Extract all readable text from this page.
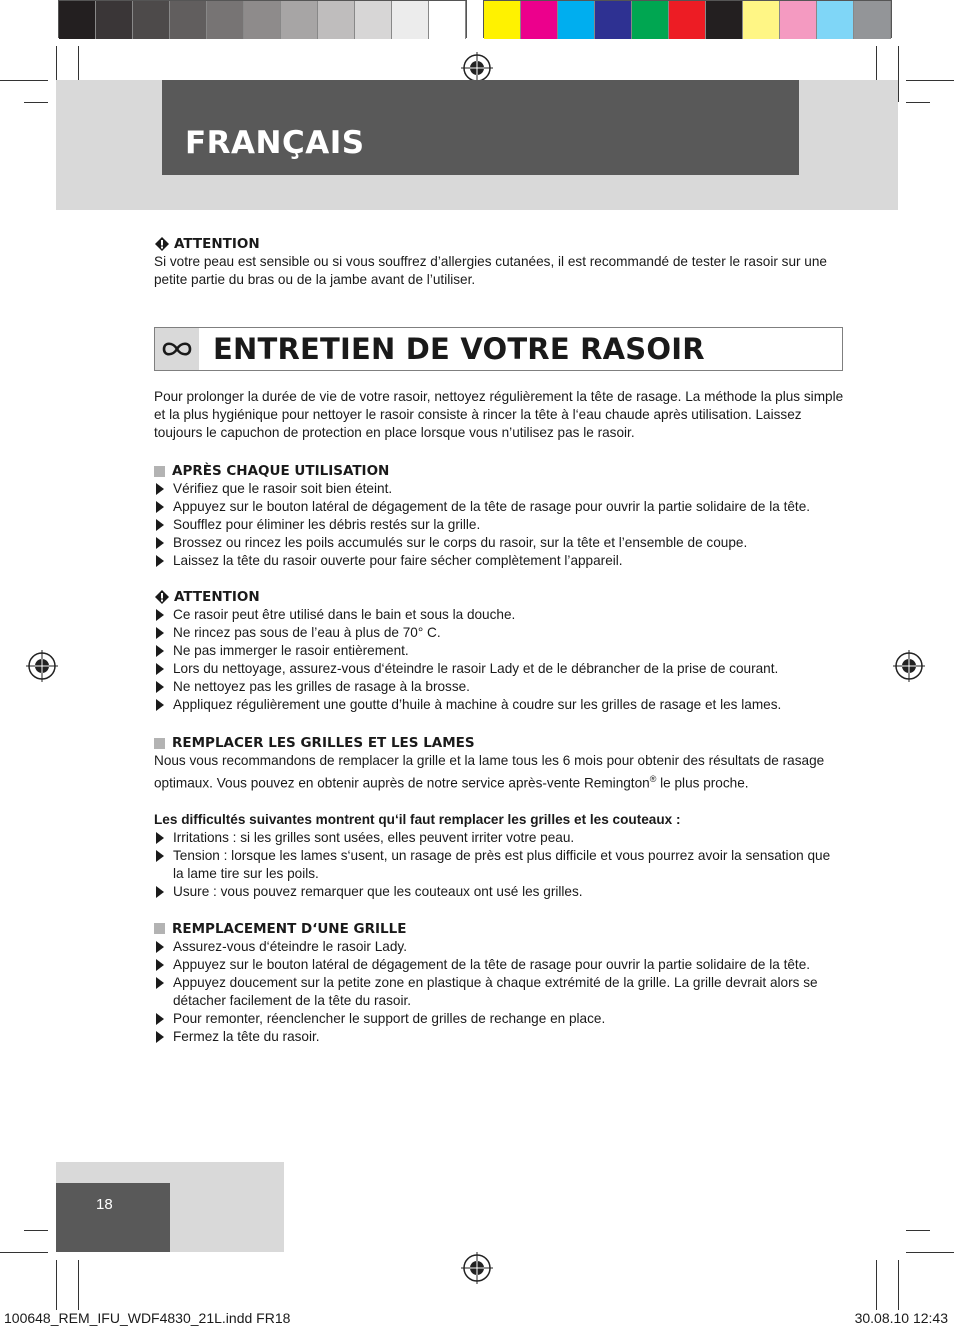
FRANÇAIS
ATTENTION

Si votre peau est sensible ou si vous souffrez d’allergies cutanées, il est recommandé de tester le rasoir sur une petite partie du bras ou de la jambe avant de l’utiliser.

ENTRETIEN DE VOTRE RASOIR

Pour prolonger la durée de vie de votre rasoir, nettoyez régulièrement la tête de rasage. La méthode la plus simple et la plus hygiénique pour nettoyer le rasoir consiste à rincer la tête à l‘eau chaude après utilisation. Laissez toujours le capuchon de protection en place lorsque vous n’utilisez pas le rasoir.

APRÈS CHAQUE UTILISATION
Vérifiez que le rasoir soit bien éteint.
Appuyez sur le bouton latéral de dégagement de la tête de rasage pour ouvrir la partie solidaire de la tête.
Soufflez pour éliminer les débris restés sur la grille.
Brossez ou rincez les poils accumulés sur le corps du rasoir, sur la tête et l’ensemble de coupe.
Laissez la tête du rasoir ouverte pour faire sécher complètement l’appareil.
ATTENTION
Ce rasoir peut être utilisé dans le bain et sous la douche.
Ne rincez pas sous de l’eau à plus de 70° C.
Ne pas immerger le rasoir entièrement.
Lors du nettoyage, assurez-vous d‘éteindre le rasoir Lady et de le débrancher de la prise de courant.
Ne nettoyez pas les grilles de rasage à la brosse.
Appliquez régulièrement une goutte d’huile à machine à coudre sur les grilles de rasage et les lames.
REMPLACER LES GRILLES ET LES LAMES

Nous vous recommandons de remplacer la grille et la lame tous les 6 mois pour obtenir des résultats de rasage optimaux. Vous pouvez en obtenir auprès de notre service après-vente Remington® le plus proche.

Les difficultés suivantes montrent qu‘il faut remplacer les grilles et les couteaux :

Irritations : si les grilles sont usées, elles peuvent irriter votre peau.
Tension : lorsque les lames s‘usent, un rasage de près est plus difficile et vous pourrez avoir la sensation que la lame tire sur les poils.
Usure : vous pouvez remarquer que les couteaux ont usé les grilles.
REMPLACEMENT D‘UNE GRILLE
Assurez-vous d‘éteindre le rasoir Lady.
Appuyez sur le bouton latéral de dégagement de la tête de rasage pour ouvrir la partie solidaire de la tête.
Appuyez doucement sur la petite zone en plastique à chaque extrémité de la grille. La grille devrait alors se détacher facilement de la tête du rasoir.
Pour remonter, réenclencher le support de grilles de rechange en place.
Fermez la tête du rasoir.
18
100648_REM_IFU_WDF4830_21L.indd FR18	30.08.10 12:43
